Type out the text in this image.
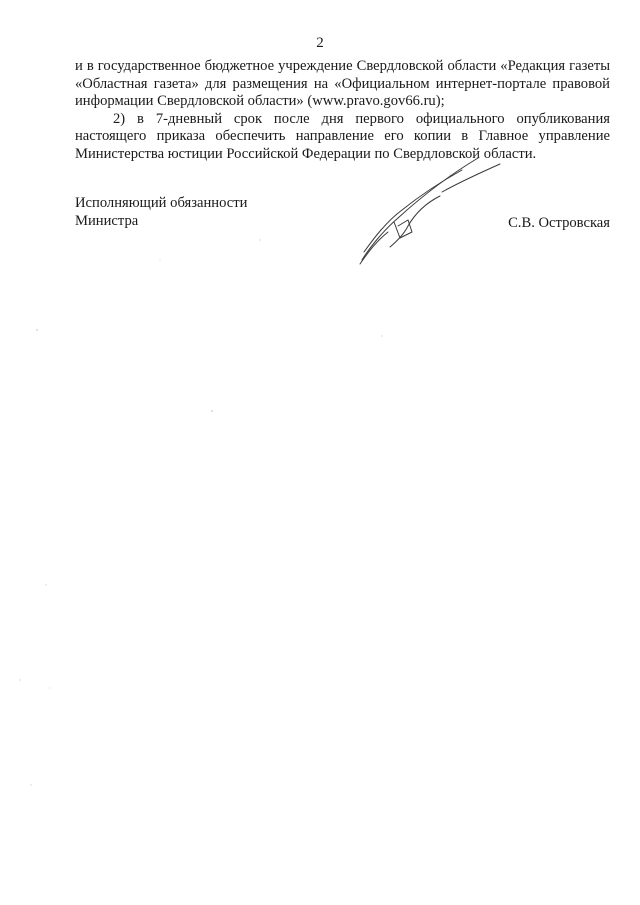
2

и в государственное бюджетное учреждение Свердловской области «Редакция газеты «Областная газета» для размещения на «Официальном интернет-портале правовой информации Свердловской области» (www.pravo.gov66.ru);

2) в 7-дневный срок после дня первого официального опубликования настоящего приказа обеспечить направление его копии в Главное управление Министерства юстиции Российской Федерации по Свердловской области.

Исполняющий обязанности
Министра	С.В. Островская
